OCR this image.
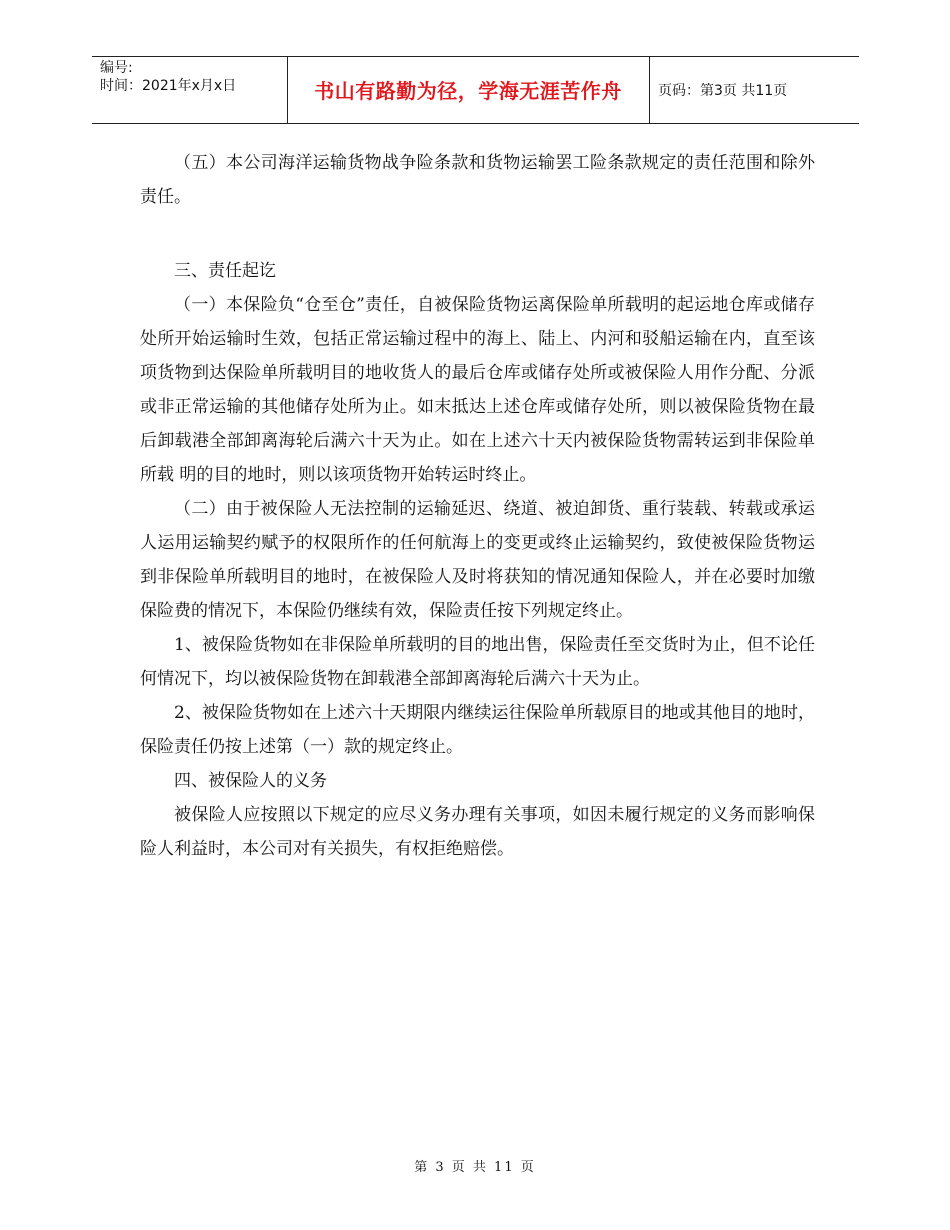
编号:
时间：2021年x月x日	书山有路勤为径，学海无涯苦作舟	页码：第3页 共11页

（五）本公司海洋运输货物战争险条款和货物运输罢工险条款规定的责任范围和除外责任。

三、责任起讫

（一）本保险负“仓至仓”责任，自被保险货物运离保险单所载明的起运地仓库或储存处所开始运输时生效，包括正常运输过程中的海上、陆上、内河和驳船运输在内，直至该项货物到达保险单所载明目的地收货人的最后仓库或储存处所或被保险人用作分配、分派或非正常运输的其他储存处所为止。如末抵达上述仓库或储存处所，则以被保险货物在最后卸载港全部卸离海轮后满六十天为止。如在上述六十天内被保险货物需转运到非保险单所载 明的目的地时，则以该项货物开始转运时终止。

（二）由于被保险人无法控制的运输延迟、绕道、被迫卸货、重行装载、转载或承运人运用运输契约赋予的权限所作的任何航海上的变更或终止运输契约，致使被保险货物运到非保险单所载明目的地时，在被保险人及时将获知的情况通知保险人，并在必要时加缴保险费的情况下，本保险仍继续有效，保险责任按下列规定终止。

1、被保险货物如在非保险单所载明的目的地出售，保险责任至交货时为止，但不论任何情况下，均以被保险货物在卸载港全部卸离海轮后满六十天为止。

2、被保险货物如在上述六十天期限内继续运往保险单所载原目的地或其他目的地时，保险责任仍按上述第（一）款的规定终止。

四、被保险人的义务

被保险人应按照以下规定的应尽义务办理有关事项，如因未履行规定的义务而影响保险人利益时，本公司对有关损失，有权拒绝赔偿。

第 3 页 共 11 页
